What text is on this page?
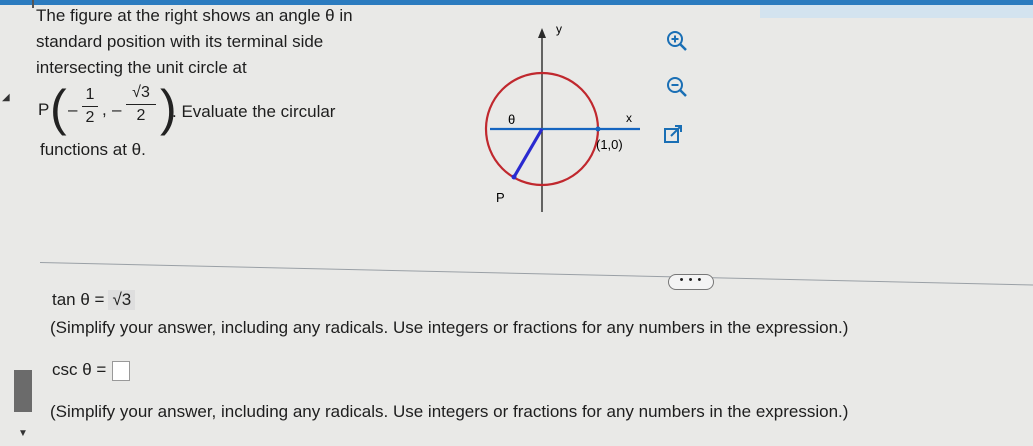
The figure at the right shows an angle θ in
standard position with its terminal side
intersecting the unit circle at
◢
P ( –
1
2 , –
√3
2 )
. Evaluate the circular
functions at θ.
y
x
θ
(1,0)
P
• • •
tan θ = √3
(Simplify your answer, including any radicals. Use integers or fractions for any numbers in the expression.)
csc θ =
(Simplify your answer, including any radicals. Use integers or fractions for any numbers in the expression.)
▼
